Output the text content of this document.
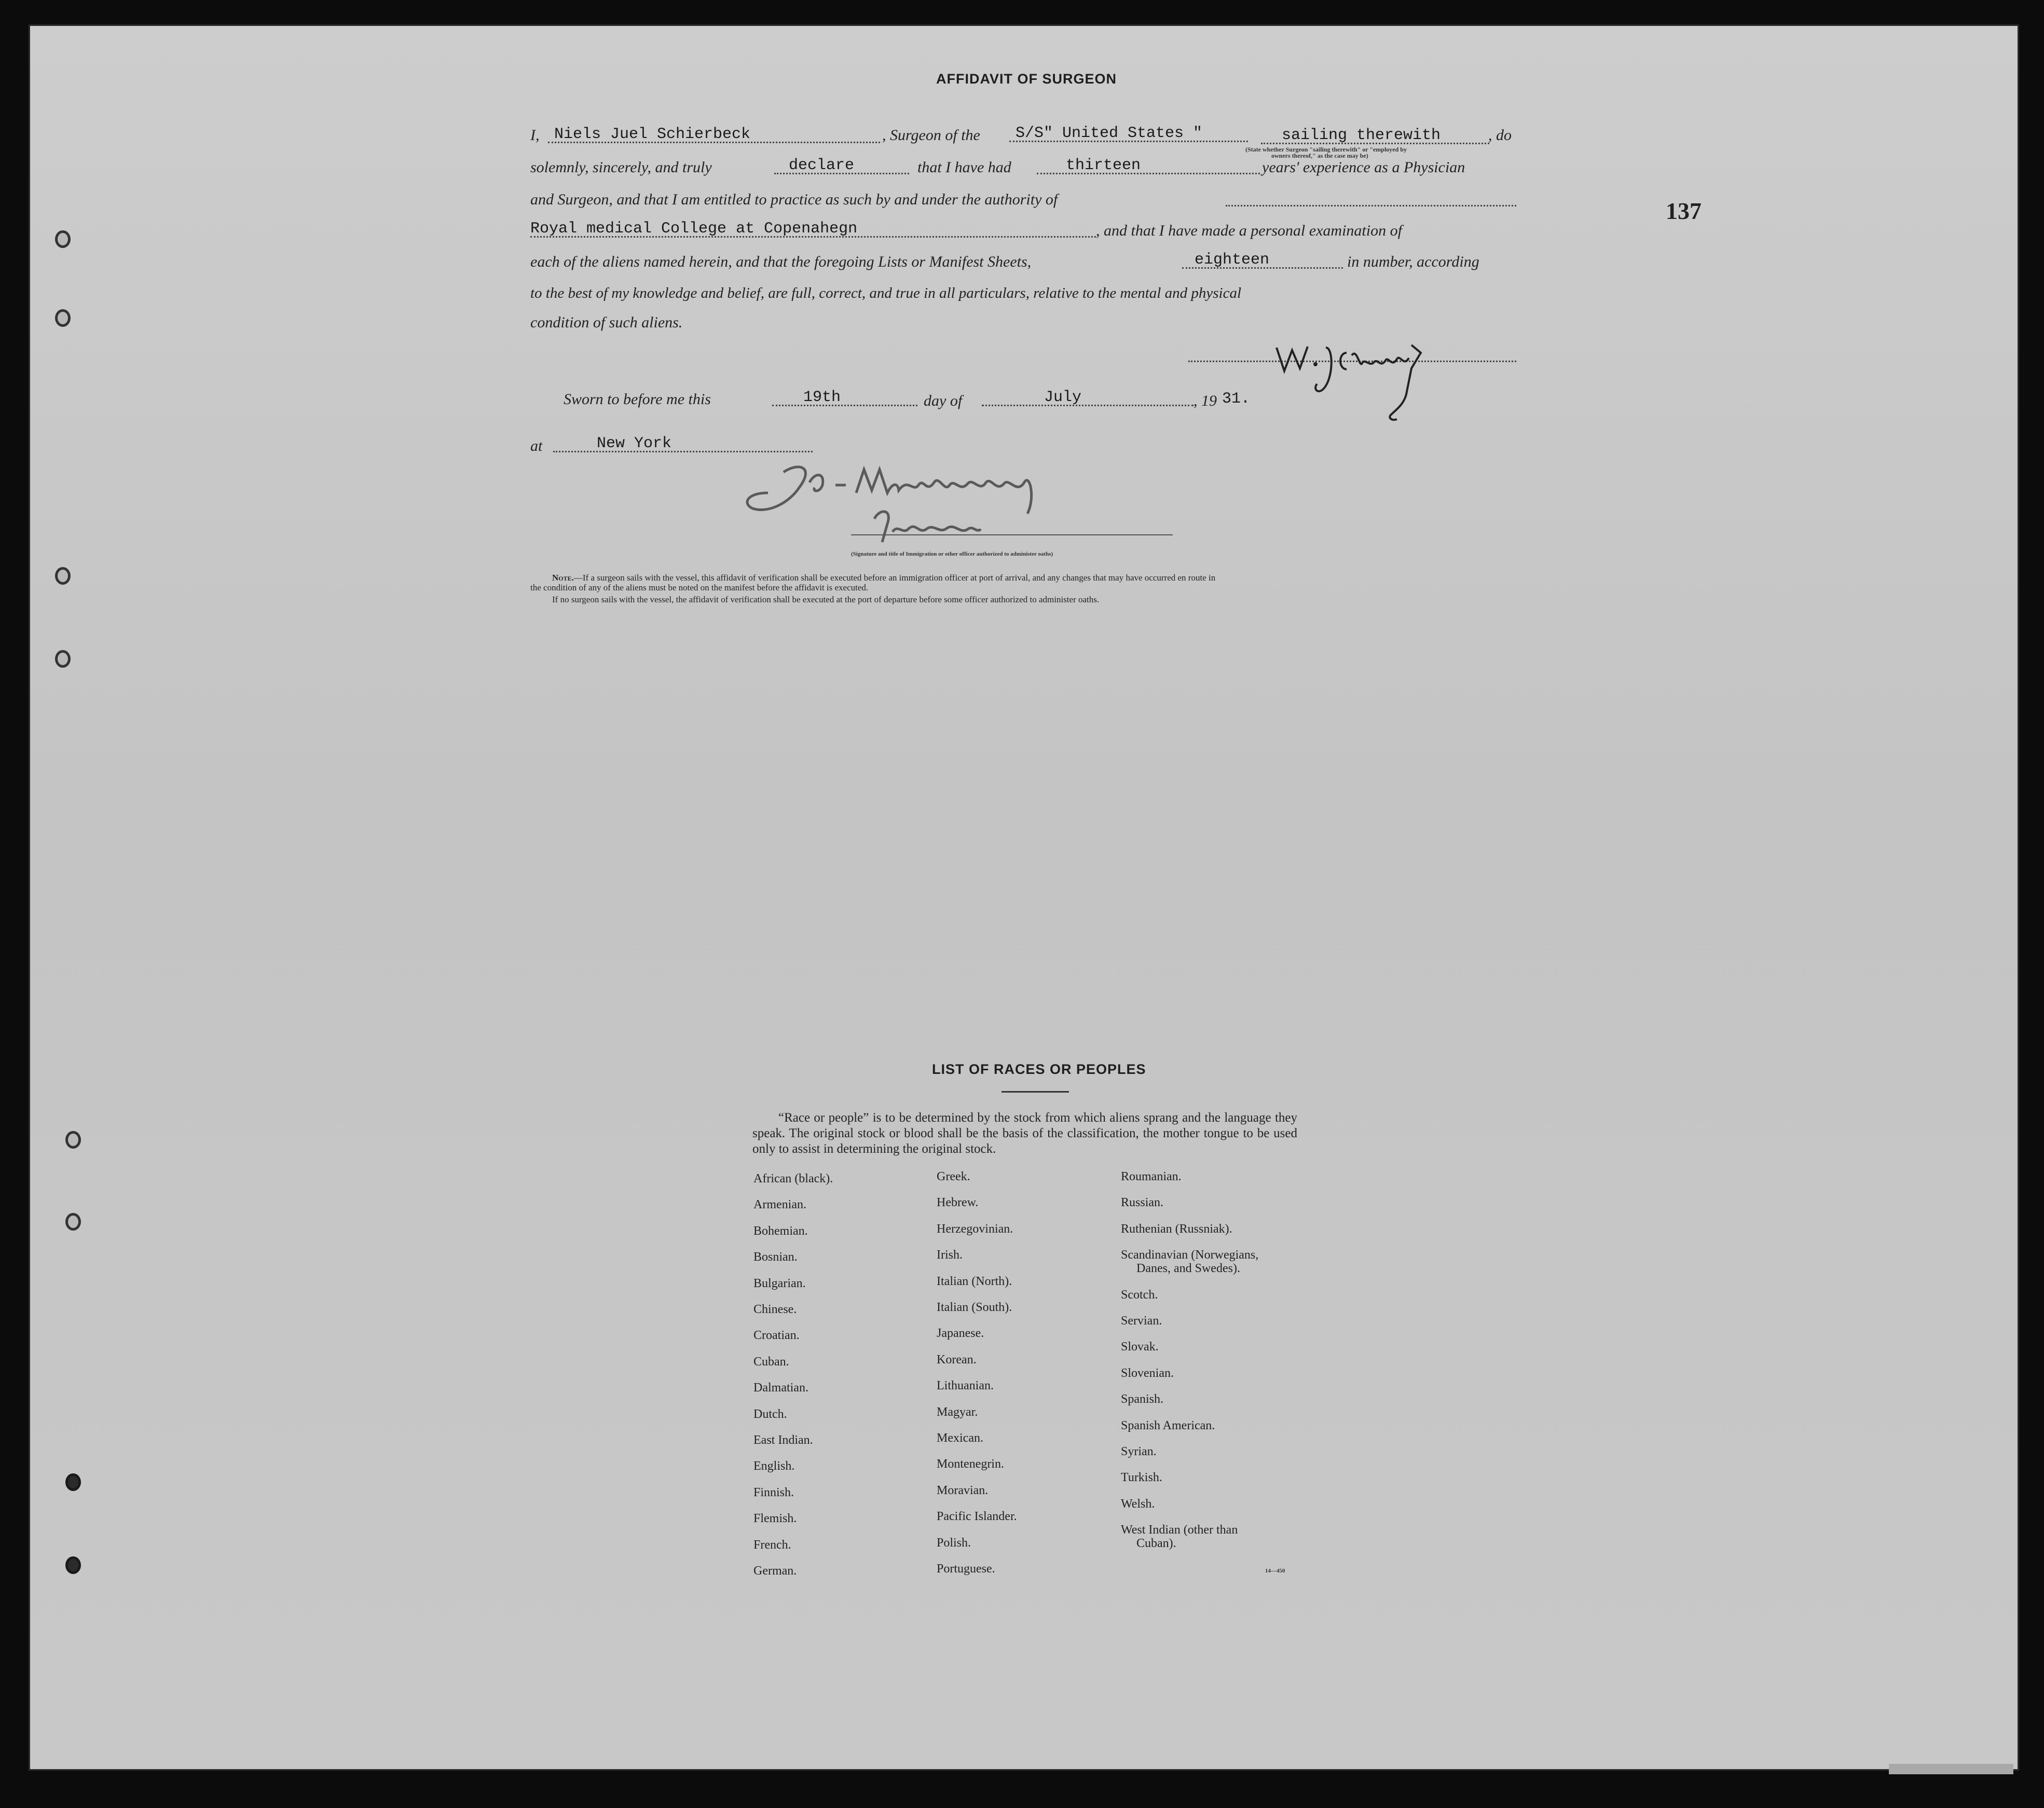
137
AFFIDAVIT OF SURGEON
I, Niels Juel Schierbeck	, Surgeon of the	S/S" United States "	sailing therewith	, do
(State whether Surgeon "sailing therewith" or "employed by
owners thereof," as the case may be)
solemnly, sincerely, and truly	declare	that I have had	thirteen	years' experience as a Physician
and Surgeon, and that I am entitled to practice as such by and under the authority of
Royal medical College at Copenahegn	, and that I have made a personal examination of
each of the aliens named herein, and that the foregoing Lists or Manifest Sheets,	eighteen	in number, according
to the best of my knowledge and belief, are full, correct, and true in all particulars, relative to the mental and physical
condition of such aliens.
Sworn to before me this	19th	day of	July	, 19 31.
at	New York
(Signature and title of Immigration or other officer authorized to administer oaths)
Note.—If a surgeon sails with the vessel, this affidavit of verification shall be executed before an immigration officer at port of arrival, and any changes that may have occurred en route in
the condition of any of the aliens must be noted on the manifest before the affidavit is executed.
If no surgeon sails with the vessel, the affidavit of verification shall be executed at the port of departure before some officer authorized to administer oaths.
LIST OF RACES OR PEOPLES
“Race or people” is to be determined by the stock from which aliens sprang and the language they speak. The original stock or blood shall be the basis of the classification, the mother tongue to be used only to assist in determining the original stock.
African (black).
Armenian.
Bohemian.
Bosnian.
Bulgarian.
Chinese.
Croatian.
Cuban.
Dalmatian.
Dutch.
East Indian.
English.
Finnish.
Flemish.
French.
German.
Greek.
Hebrew.
Herzegovinian.
Irish.
Italian (North).
Italian (South).
Japanese.
Korean.
Lithuanian.
Magyar.
Mexican.
Montenegrin.
Moravian.
Pacific Islander.
Polish.
Portuguese.
Roumanian.
Russian.
Ruthenian (Russniak).
Scandinavian (Norwegians,
Danes, and Swedes).
Scotch.
Servian.
Slovak.
Slovenian.
Spanish.
Spanish American.
Syrian.
Turkish.
Welsh.
West Indian (other than
Cuban).
14—450
